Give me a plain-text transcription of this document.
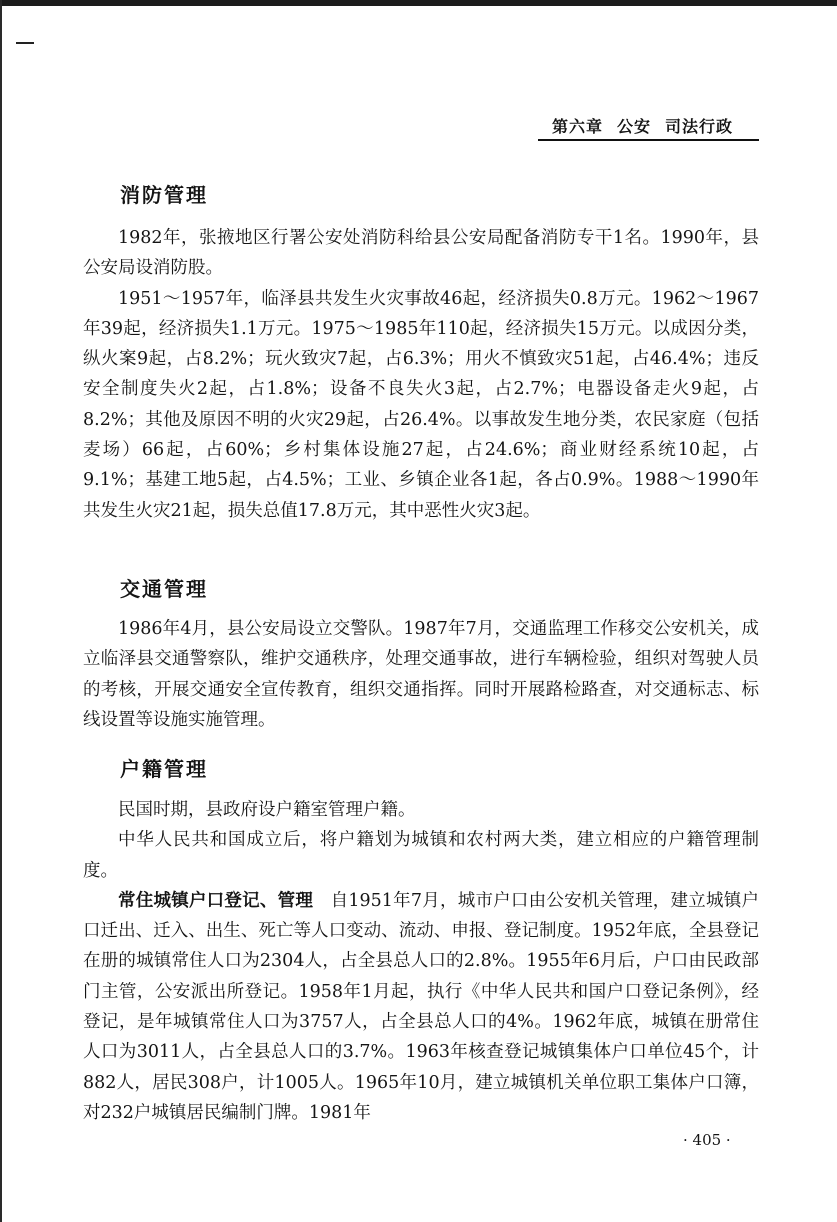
第六章 公安 司法行政
消防管理

1982年，张掖地区行署公安处消防科给县公安局配备消防专干1名。1990年，县公安局设消防股。

1951～1957年，临泽县共发生火灾事故46起，经济损失0.8万元。1962～1967年39起，经济损失1.1万元。1975～1985年110起，经济损失15万元。以成因分类，纵火案9起，占8.2%；玩火致灾7起，占6.3%；用火不慎致灾51起，占46.4%；违反安全制度失火2起，占1.8%；设备不良失火3起，占2.7%；电器设备走火9起，占8.2%；其他及原因不明的火灾29起，占26.4%。以事故发生地分类，农民家庭（包括麦场）66起，占60%；乡村集体设施27起，占24.6%；商业财经系统10起，占9.1%；基建工地5起，占4.5%；工业、乡镇企业各1起，各占0.9%。1988～1990年共发生火灾21起，损失总值17.8万元，其中恶性火灾3起。

交通管理

1986年4月，县公安局设立交警队。1987年7月，交通监理工作移交公安机关，成立临泽县交通警察队，维护交通秩序，处理交通事故，进行车辆检验，组织对驾驶人员的考核，开展交通安全宣传教育，组织交通指挥。同时开展路检路查，对交通标志、标线设置等设施实施管理。

户籍管理

民国时期，县政府设户籍室管理户籍。

中华人民共和国成立后，将户籍划为城镇和农村两大类，建立相应的户籍管理制度。

常住城镇户口登记、管理 自1951年7月，城市户口由公安机关管理，建立城镇户口迁出、迁入、出生、死亡等人口变动、流动、申报、登记制度。1952年底，全县登记在册的城镇常住人口为2304人，占全县总人口的2.8%。1955年6月后，户口由民政部门主管，公安派出所登记。1958年1月起，执行《中华人民共和国户口登记条例》，经登记，是年城镇常住人口为3757人，占全县总人口的4%。1962年底，城镇在册常住人口为3011人，占全县总人口的3.7%。1963年核查登记城镇集体户口单位45个，计882人，居民308户，计1005人。1965年10月，建立城镇机关单位职工集体户口簿，对232户城镇居民编制门牌。1981年

· 405 ·
